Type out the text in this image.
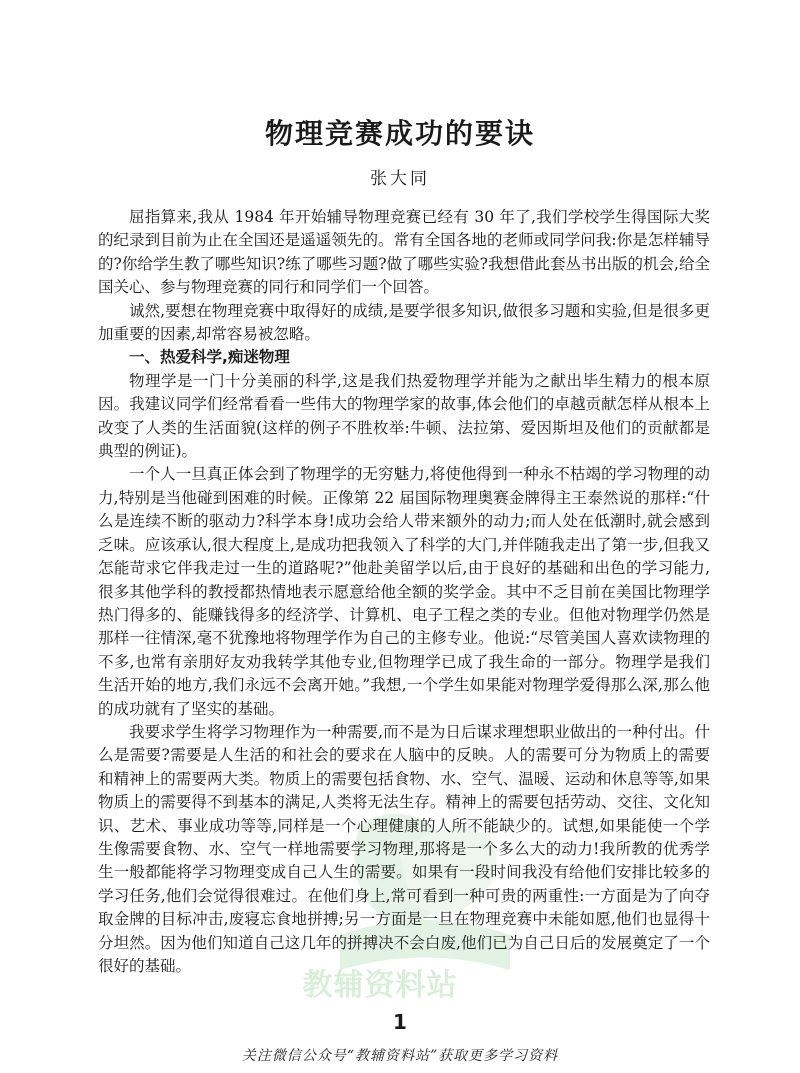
物理竞赛成功的要诀

张大同

教辅资料站

屈指算来,我从 1984 年开始辅导物理竞赛已经有 30 年了,我们学校学生得国际大奖的纪录到目前为止在全国还是遥遥领先的。常有全国各地的老师或同学问我:你是怎样辅导的?你给学生教了哪些知识?练了哪些习题?做了哪些实验?我想借此套丛书出版的机会,给全国关心、参与物理竞赛的同行和同学们一个回答。

诚然,要想在物理竞赛中取得好的成绩,是要学很多知识,做很多习题和实验,但是很多更加重要的因素,却常容易被忽略。

一、热爱科学,痴迷物理

物理学是一门十分美丽的科学,这是我们热爱物理学并能为之献出毕生精力的根本原因。我建议同学们经常看看一些伟大的物理学家的故事,体会他们的卓越贡献怎样从根本上改变了人类的生活面貌(这样的例子不胜枚举:牛顿、法拉第、爱因斯坦及他们的贡献都是典型的例证)。

一个人一旦真正体会到了物理学的无穷魅力,将使他得到一种永不枯竭的学习物理的动力,特别是当他碰到困难的时候。正像第 22 届国际物理奥赛金牌得主王泰然说的那样:“什么是连续不断的驱动力?科学本身!成功会给人带来额外的动力;而人处在低潮时,就会感到乏味。应该承认,很大程度上,是成功把我领入了科学的大门,并伴随我走出了第一步,但我又怎能苛求它伴我走过一生的道路呢?”他赴美留学以后,由于良好的基础和出色的学习能力,很多其他学科的教授都热情地表示愿意给他全额的奖学金。其中不乏目前在美国比物理学热门得多的、能赚钱得多的经济学、计算机、电子工程之类的专业。但他对物理学仍然是那样一往情深,毫不犹豫地将物理学作为自己的主修专业。他说:“尽管美国人喜欢读物理的不多,也常有亲朋好友劝我转学其他专业,但物理学已成了我生命的一部分。物理学是我们生活开始的地方,我们永远不会离开她。”我想,一个学生如果能对物理学爱得那么深,那么他的成功就有了坚实的基础。

我要求学生将学习物理作为一种需要,而不是为日后谋求理想职业做出的一种付出。什么是需要?需要是人生活的和社会的要求在人脑中的反映。人的需要可分为物质上的需要和精神上的需要两大类。物质上的需要包括食物、水、空气、温暖、运动和休息等等,如果物质上的需要得不到基本的满足,人类将无法生存。精神上的需要包括劳动、交往、文化知识、艺术、事业成功等等,同样是一个心理健康的人所不能缺少的。试想,如果能使一个学生像需要食物、水、空气一样地需要学习物理,那将是一个多么大的动力!我所教的优秀学生一般都能将学习物理变成自己人生的需要。如果有一段时间我没有给他们安排比较多的学习任务,他们会觉得很难过。在他们身上,常可看到一种可贵的两重性:一方面是为了向夺取金牌的目标冲击,废寝忘食地拼搏;另一方面是一旦在物理竞赛中未能如愿,他们也显得十分坦然。因为他们知道自己这几年的拼搏决不会白废,他们已为自己日后的发展奠定了一个很好的基础。

1
关注微信公众号“教辅资料站”获取更多学习资料
